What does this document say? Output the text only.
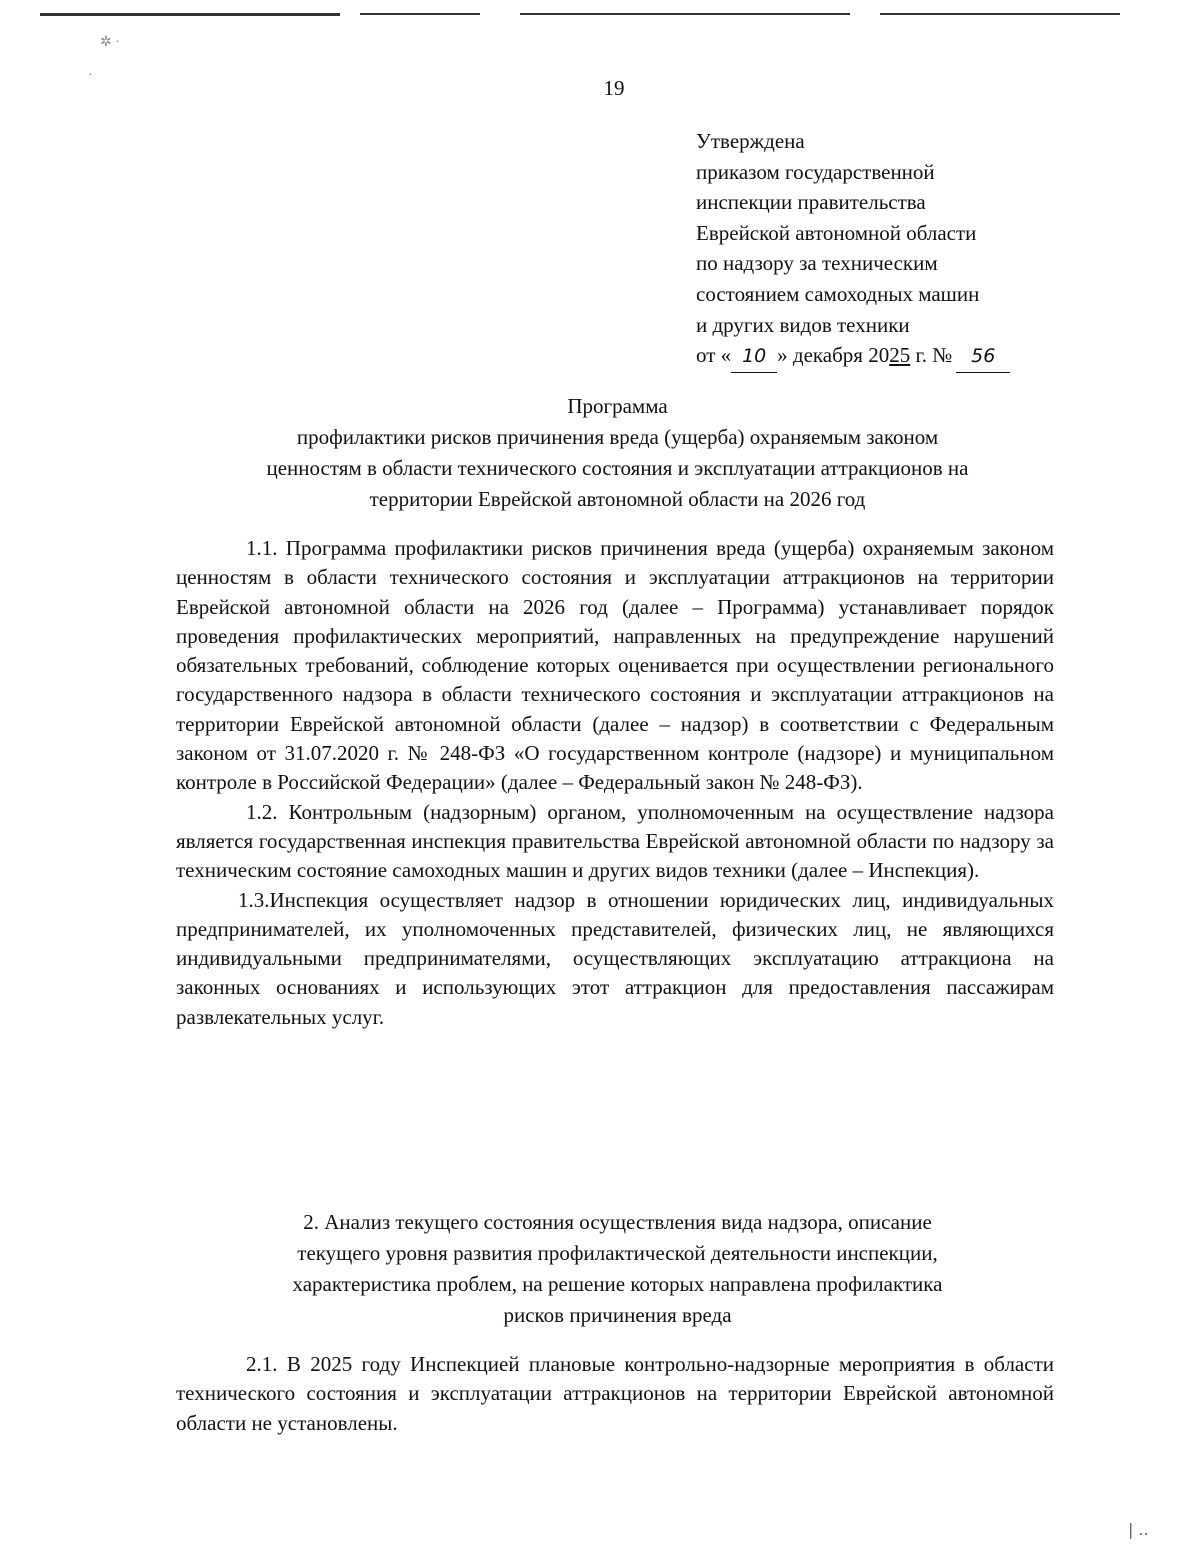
✲ ·
·
| ..
19
Утверждена
приказом государственной
инспекции правительства
Еврейской автономной области
по надзору за техническим
состоянием самоходных машин
и других видов техники
от « 10 » декабря 2025 г. № 56
Программа
профилактики рисков причинения вреда (ущерба) охраняемым законом
ценностям в области технического состояния и эксплуатации аттракционов на
территории Еврейской автономной области на 2026 год
1.1. Программа профилактики рисков причинения вреда (ущерба) охраняемым законом ценностям в области технического состояния и эксплуатации аттракционов на территории Еврейской автономной области на 2026 год (далее – Программа) устанавливает порядок проведения профилактических мероприятий, направленных на предупреждение нарушений обязательных требований, соблюдение которых оценивается при осуществлении регионального государственного надзора в области технического состояния и эксплуатации аттракционов на территории Еврейской автономной области (далее – надзор) в соответствии с Федеральным законом от 31.07.2020 г. № 248-ФЗ «О государственном контроле (надзоре) и муниципальном контроле в Российской Федерации» (далее – Федеральный закон № 248-ФЗ).
1.2. Контрольным (надзорным) органом, уполномоченным на осуществление надзора является государственная инспекция правительства Еврейской автономной области по надзору за техническим состояние самоходных машин и других видов техники (далее – Инспекция).
1.3.Инспекция осуществляет надзор в отношении юридических лиц, индивидуальных предпринимателей, их уполномоченных представителей, физических лиц, не являющихся индивидуальными предпринимателями, осуществляющих эксплуатацию аттракциона на законных основаниях и использующих этот аттракцион для предоставления пассажирам развлекательных услуг.
2. Анализ текущего состояния осуществления вида надзора, описание
текущего уровня развития профилактической деятельности инспекции,
характеристика проблем, на решение которых направлена профилактика
рисков причинения вреда
2.1. В 2025 году Инспекцией плановые контрольно-надзорные мероприятия в области технического состояния и эксплуатации аттракционов на территории Еврейской автономной области не установлены.
